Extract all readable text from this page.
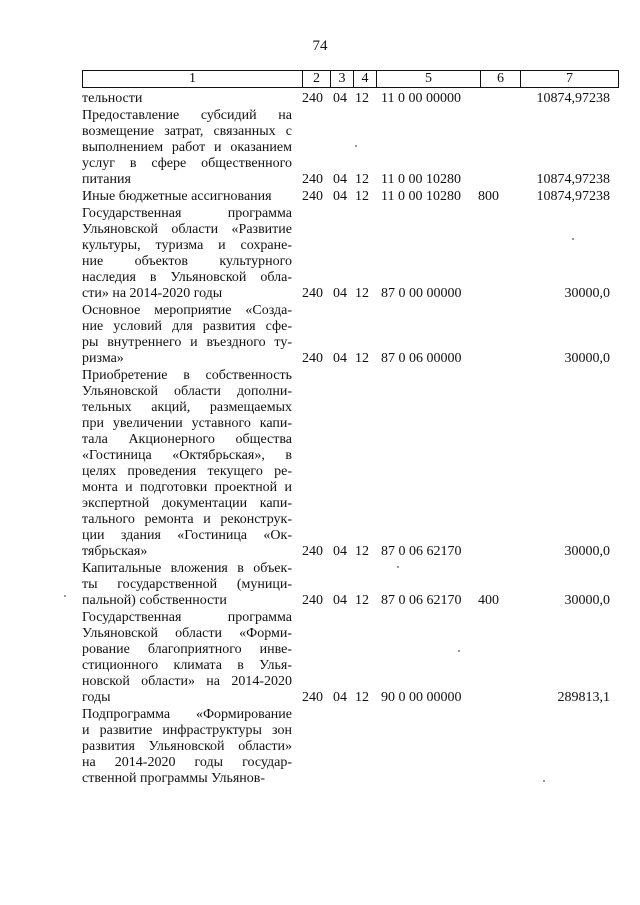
74
1	2	3	4	5	6	7
тельности	240 04 12 11 0 00 00000	10874,97238
Предоставление субсидий на
возмещение затрат, связанных с
выполнением работ и оказанием
услуг в сфере общественного
питания	240 04 12 11 0 00 10280	10874,97238
Иные бюджетные ассигнования	240 04 12 11 0 00 10280 800	10874,97238
Государственная программа
Ульяновской области «Развитие
культуры, туризма и сохране-
ние объектов культурного
наследия в Ульяновской обла-
сти» на 2014-2020 годы	240 04 12 87 0 00 00000	30000,0
Основное мероприятие «Созда-
ние условий для развития сфе-
ры внутреннего и въездного ту-
ризма»	240 04 12 87 0 06 00000	30000,0
Приобретение в собственность
Ульяновской области дополни-
тельных акций, размещаемых
при увеличении уставного капи-
тала Акционерного общества
«Гостиница «Октябрьская», в
целях проведения текущего ре-
монта и подготовки проектной и
экспертной документации капи-
тального ремонта и реконструк-
ции здания «Гостиница «Ок-
тябрьская»	240 04 12 87 0 06 62170	30000,0
Капитальные вложения в объек-
ты государственной (муници-
пальной) собственности	240 04 12 87 0 06 62170 400	30000,0
Государственная программа
Ульяновской области «Форми-
рование благоприятного инве-
стиционного климата в Улья-
новской области» на 2014-2020
годы	240 04 12 90 0 00 00000	289813,1
Подпрограмма «Формирование
и развитие инфраструктуры зон
развития Ульяновской области»
на 2014-2020 годы государ-
ственной программы Ульянов-
